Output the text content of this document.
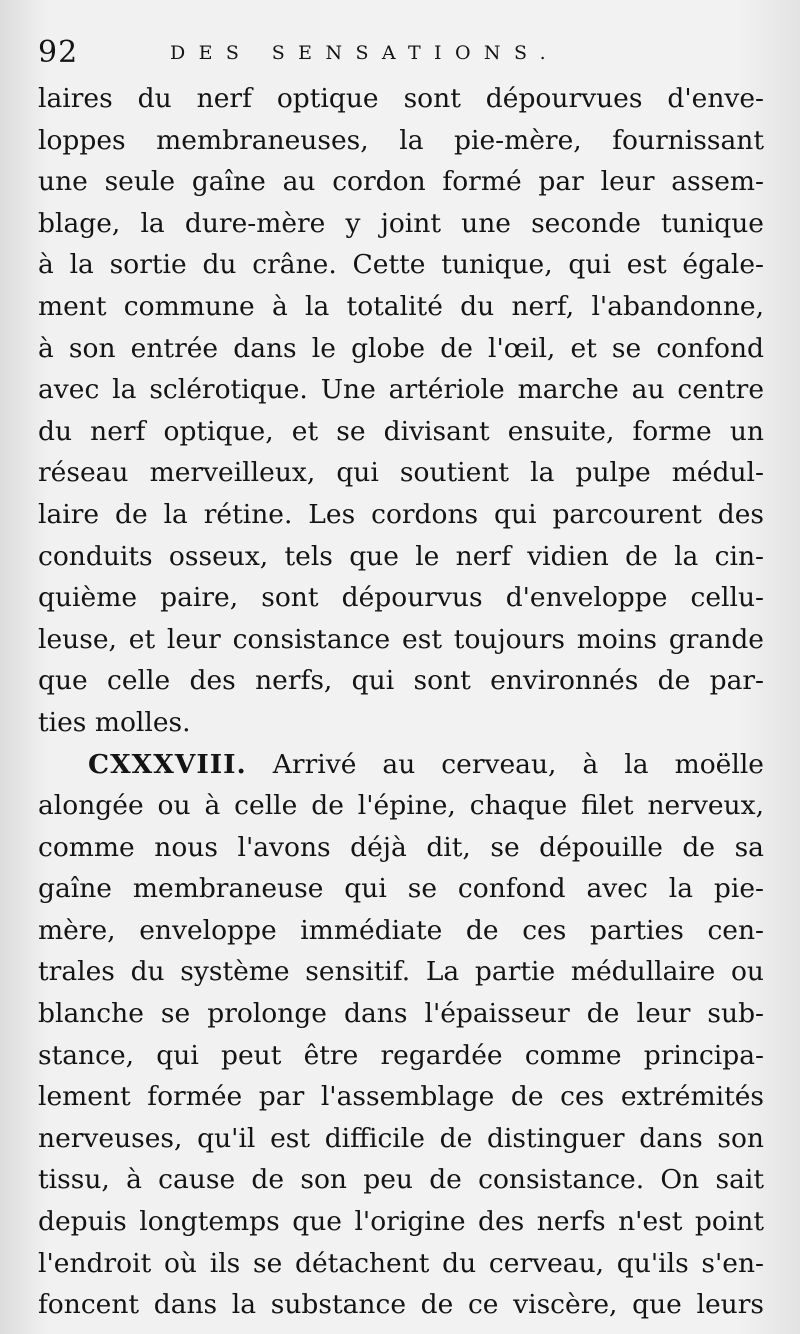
92	DES SENSATIONS.
laires du nerf optique sont dépourvues d'enve-
loppes membraneuses, la pie-mère, fournissant
une seule gaîne au cordon formé par leur assem-
blage, la dure-mère y joint une seconde tunique
à la sortie du crâne. Cette tunique, qui est égale-
ment commune à la totalité du nerf, l'abandonne,
à son entrée dans le globe de l'œil, et se confond
avec la sclérotique. Une artériole marche au centre
du nerf optique, et se divisant ensuite, forme un
réseau merveilleux, qui soutient la pulpe médul-
laire de la rétine. Les cordons qui parcourent des
conduits osseux, tels que le nerf vidien de la cin-
quième paire, sont dépourvus d'enveloppe cellu-
leuse, et leur consistance est toujours moins grande
que celle des nerfs, qui sont environnés de par-
ties molles.
CXXXVIII. Arrivé au cerveau, à la moëlle
alongée ou à celle de l'épine, chaque filet nerveux,
comme nous l'avons déjà dit, se dépouille de sa
gaîne membraneuse qui se confond avec la pie-
mère, enveloppe immédiate de ces parties cen-
trales du système sensitif. La partie médullaire ou
blanche se prolonge dans l'épaisseur de leur sub-
stance, qui peut être regardée comme principa-
lement formée par l'assemblage de ces extrémités
nerveuses, qu'il est difficile de distinguer dans son
tissu, à cause de son peu de consistance. On sait
depuis longtemps que l'origine des nerfs n'est point
l'endroit où ils se détachent du cerveau, qu'ils s'en-
foncent dans la substance de ce viscère, que leurs
